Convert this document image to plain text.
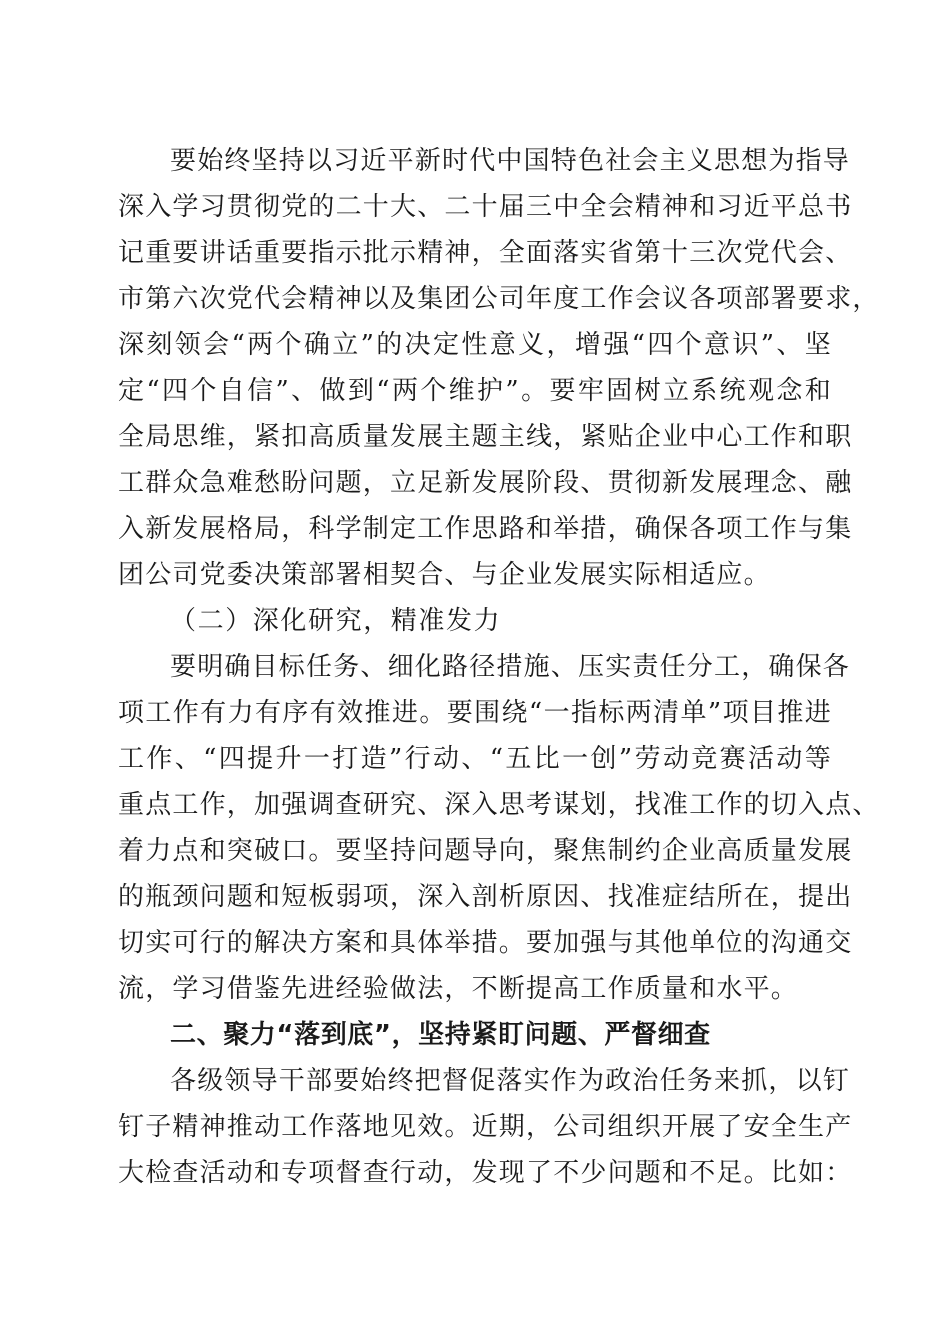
要始终坚持以习近平新时代中国特色社会主义思想为指导
深入学习贯彻党的二十大、二十届三中全会精神和习近平总书
记重要讲话重要指示批示精神，全面落实省第十三次党代会、
市第六次党代会精神以及集团公司年度工作会议各项部署要求，
深刻领会“两个确立”的决定性意义，增强“四个意识”、坚
定“四个自信”、做到“两个维护”。要牢固树立系统观念和
全局思维，紧扣高质量发展主题主线，紧贴企业中心工作和职
工群众急难愁盼问题，立足新发展阶段、贯彻新发展理念、融
入新发展格局，科学制定工作思路和举措，确保各项工作与集
团公司党委决策部署相契合、与企业发展实际相适应。
（二）深化研究，精准发力
要明确目标任务、细化路径措施、压实责任分工，确保各
项工作有力有序有效推进。要围绕“一指标两清单”项目推进
工作、“四提升一打造”行动、“五比一创”劳动竞赛活动等
重点工作，加强调查研究、深入思考谋划，找准工作的切入点、
着力点和突破口。要坚持问题导向，聚焦制约企业高质量发展
的瓶颈问题和短板弱项，深入剖析原因、找准症结所在，提出
切实可行的解决方案和具体举措。要加强与其他单位的沟通交
流，学习借鉴先进经验做法，不断提高工作质量和水平。
二、聚力“落到底”，坚持紧盯问题、严督细查
各级领导干部要始终把督促落实作为政治任务来抓，以钉
钉子精神推动工作落地见效。近期，公司组织开展了安全生产
大检查活动和专项督查行动，发现了不少问题和不足。比如：
